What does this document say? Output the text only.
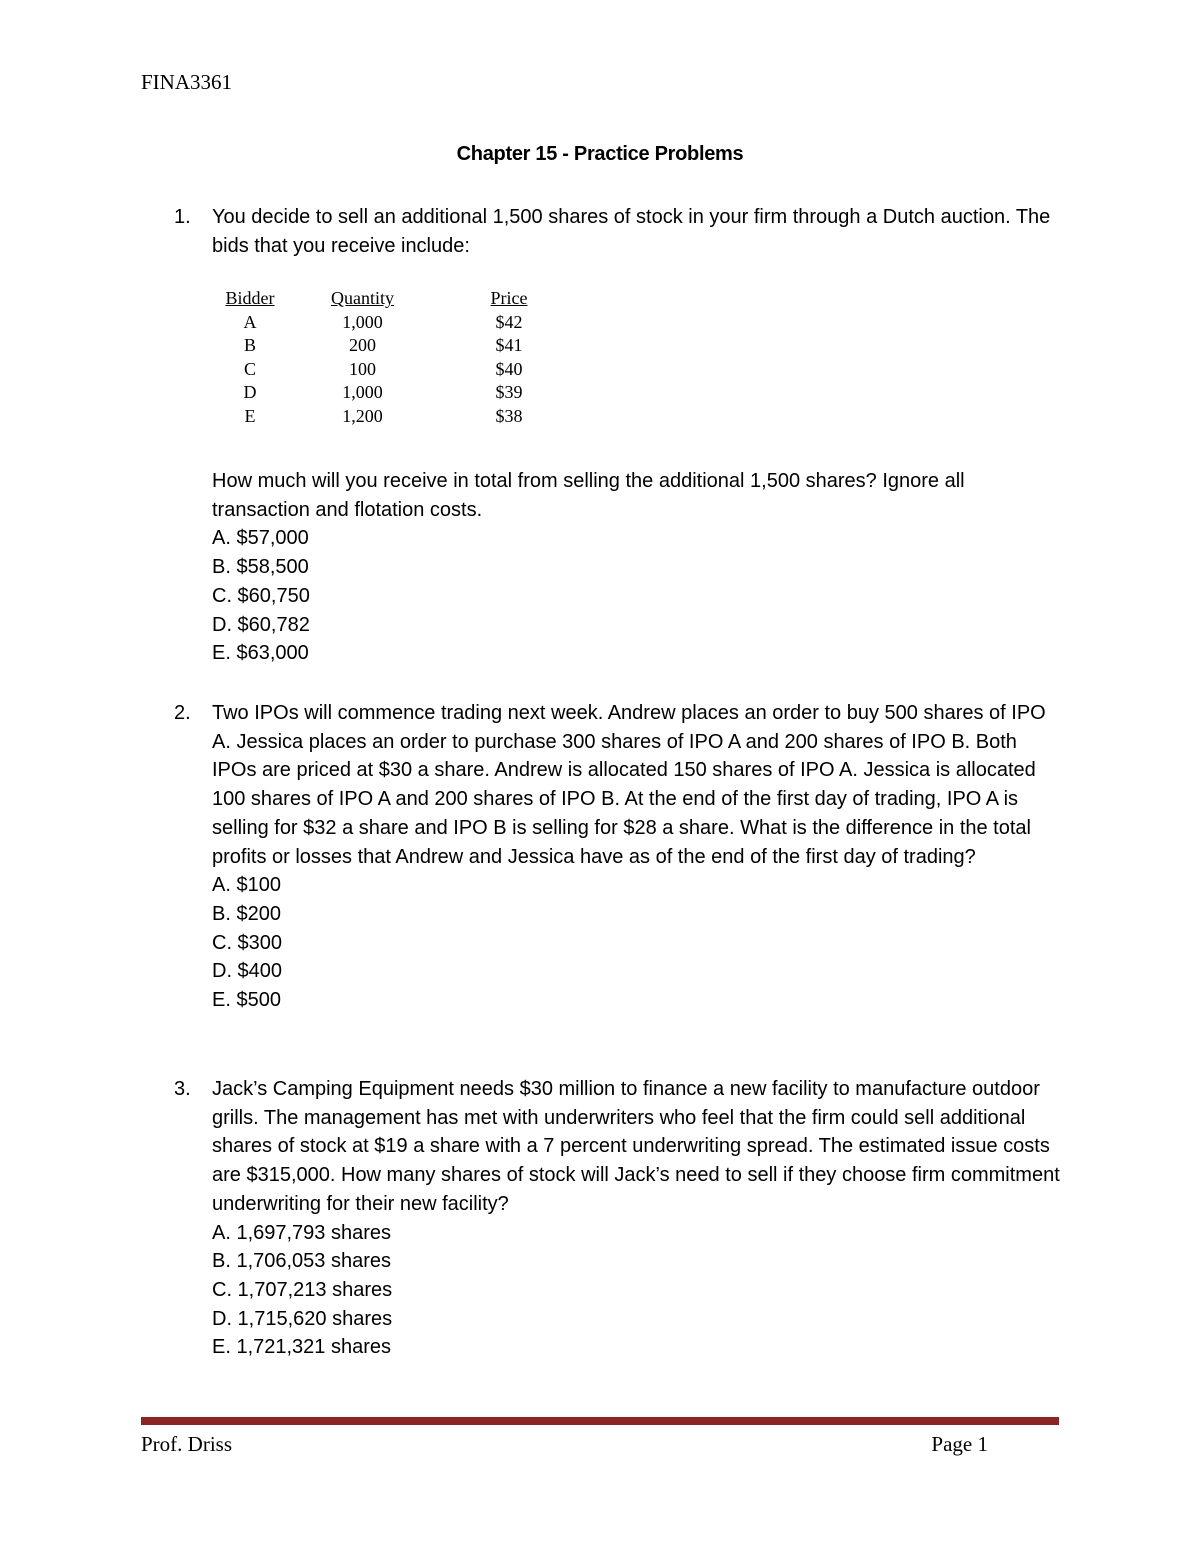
FINA3361
Chapter 15 - Practice Problems
1. You decide to sell an additional 1,500 shares of stock in your firm through a Dutch auction. The bids that you receive include:

Bidder	Quantity	Price
A	1,000	$42
B	200	$41
C	100	$40
D	1,000	$39
E	1,200	$38

How much will you receive in total from selling the additional 1,500 shares? Ignore all transaction and flotation costs.

A. $57,000
B. $58,500
C. $60,750
D. $60,782
E. $63,000
2. Two IPOs will commence trading next week. Andrew places an order to buy 500 shares of IPO A. Jessica places an order to purchase 300 shares of IPO A and 200 shares of IPO B. Both IPOs are priced at $30 a share. Andrew is allocated 150 shares of IPO A. Jessica is allocated 100 shares of IPO A and 200 shares of IPO B. At the end of the first day of trading, IPO A is selling for $32 a share and IPO B is selling for $28 a share. What is the difference in the total profits or losses that Andrew and Jessica have as of the end of the first day of trading?

A. $100
B. $200
C. $300
D. $400
E. $500
3. Jack’s Camping Equipment needs $30 million to finance a new facility to manufacture outdoor grills. The management has met with underwriters who feel that the firm could sell additional shares of stock at $19 a share with a 7 percent underwriting spread. The estimated issue costs are $315,000. How many shares of stock will Jack’s need to sell if they choose firm commitment underwriting for their new facility?

A. 1,697,793 shares
B. 1,706,053 shares
C. 1,707,213 shares
D. 1,715,620 shares
E. 1,721,321 shares
Prof. Driss	Page 1
